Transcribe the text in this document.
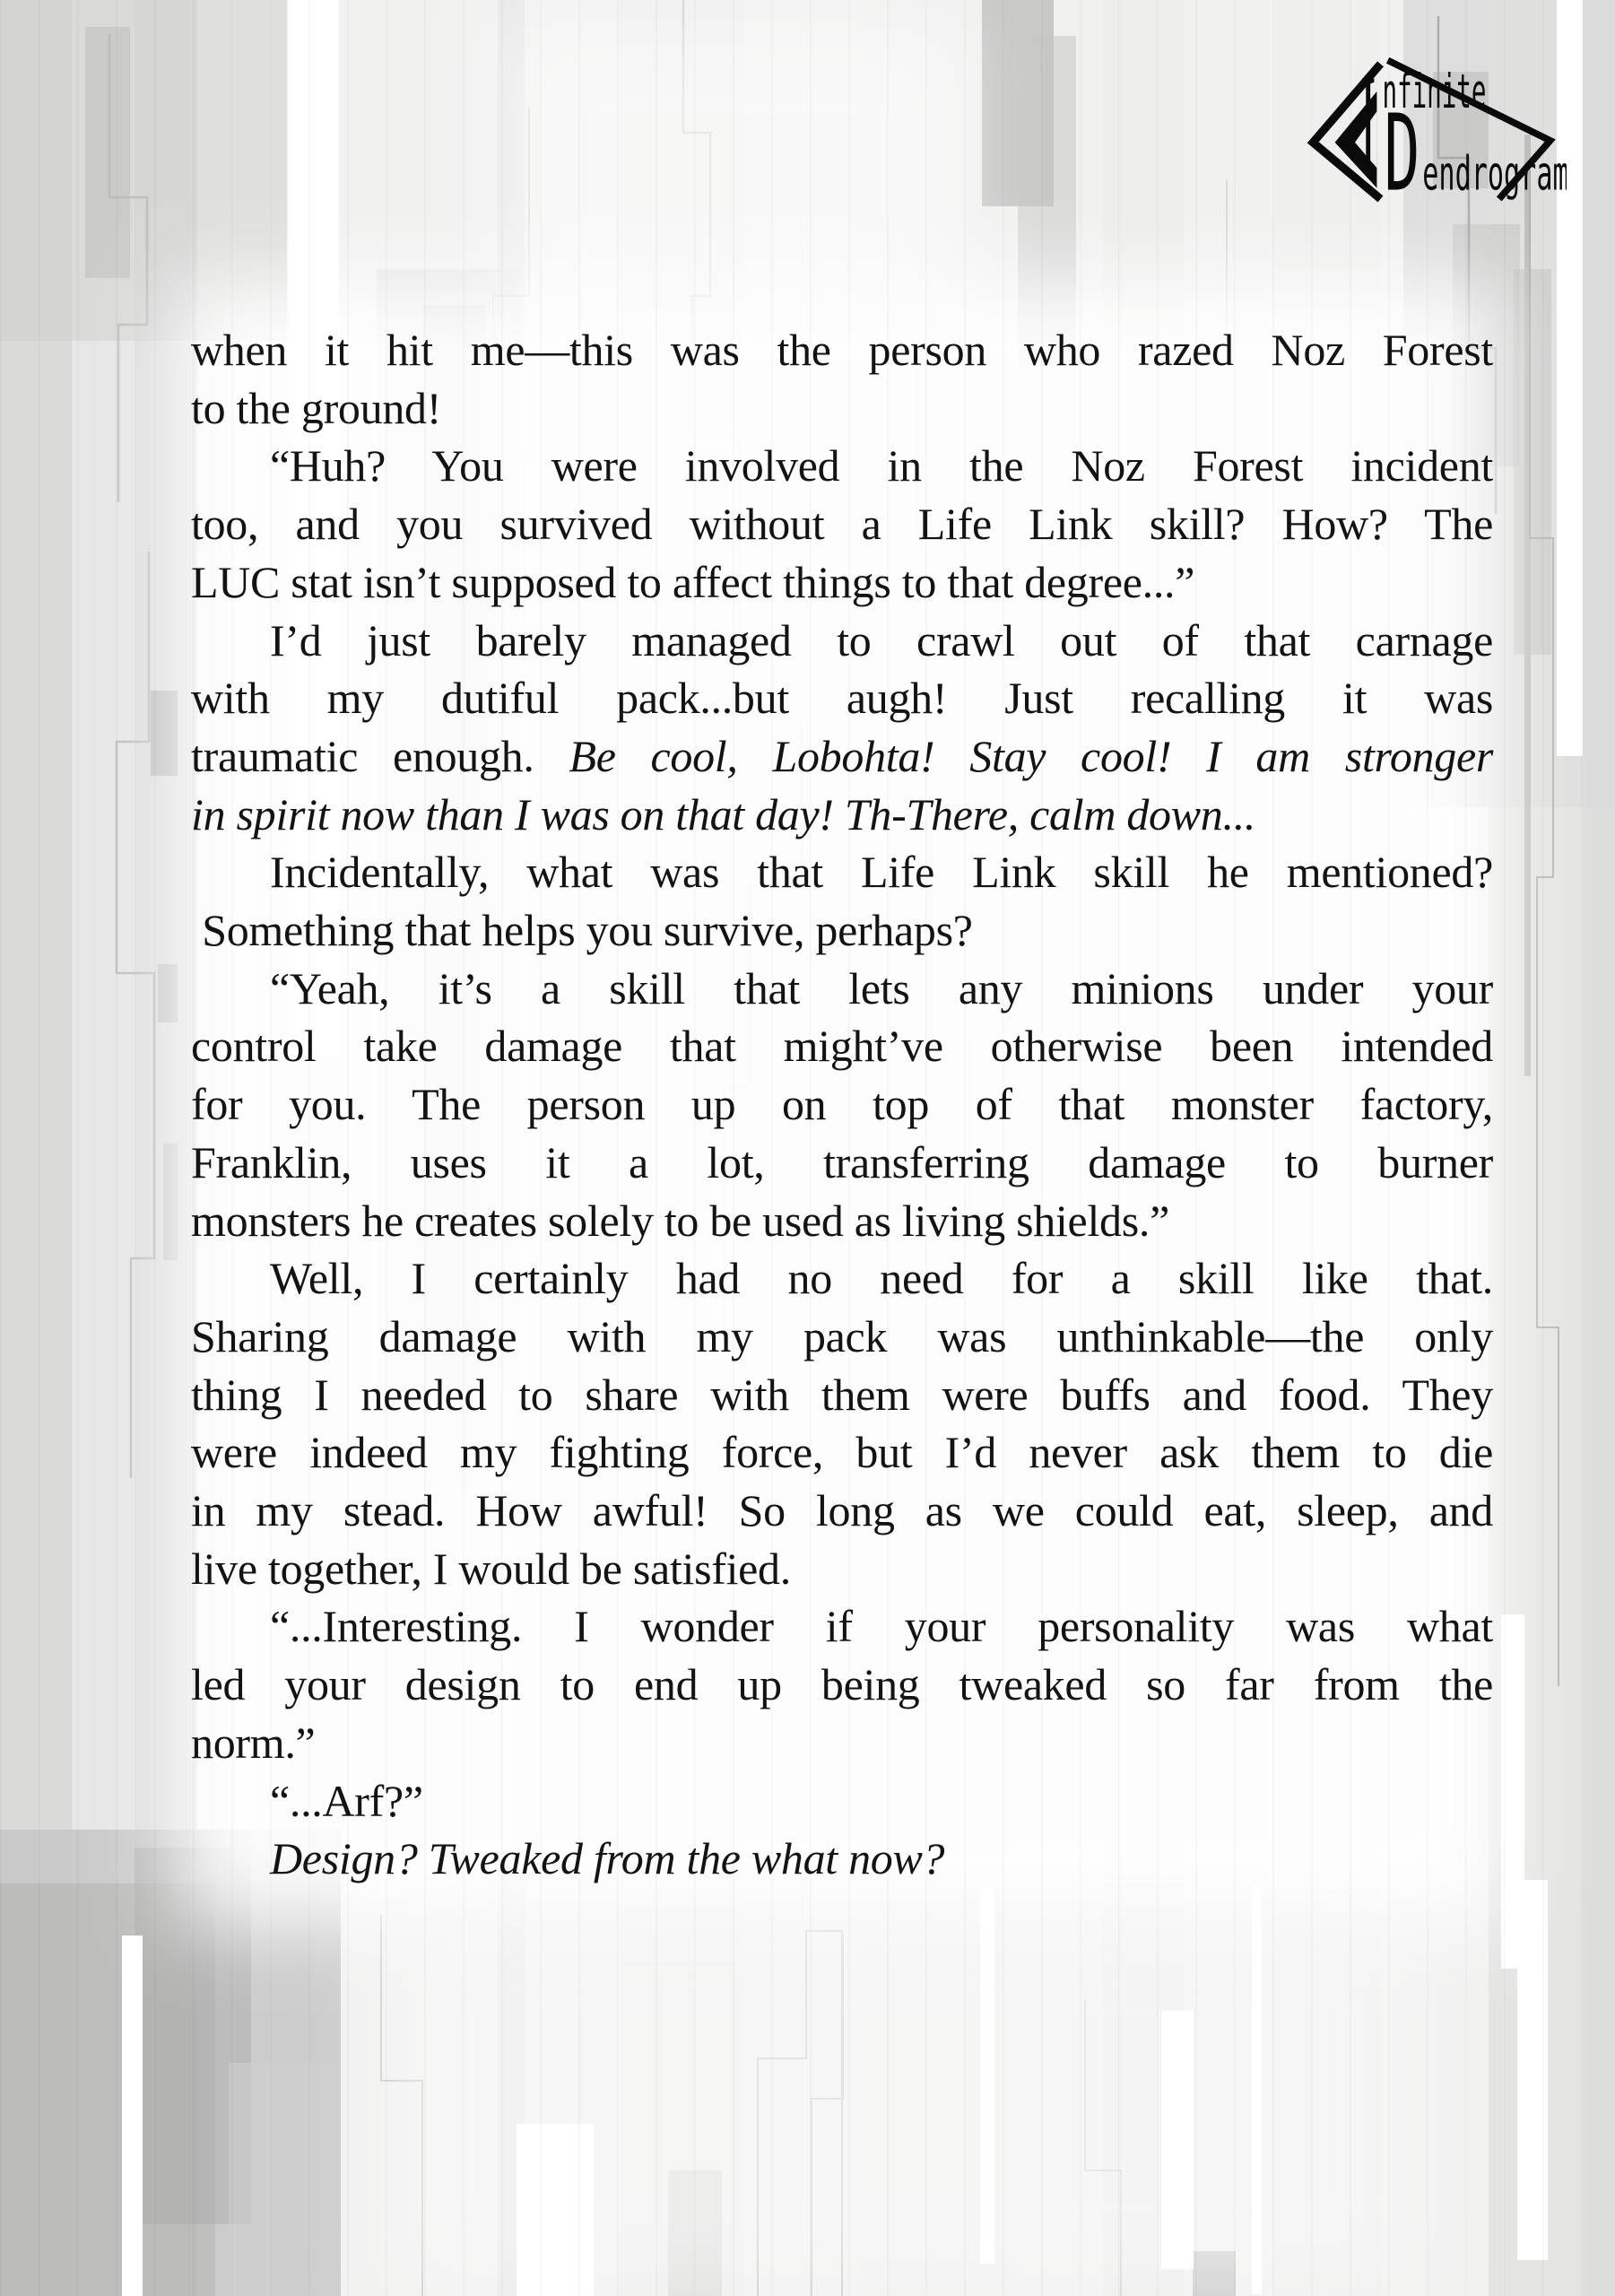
I nfinite
D endrogram
when it hit me—this was the person who razed Noz Forest
to the ground!
“Huh? You were involved in the Noz Forest incident
too, and you survived without a Life Link skill? How? The
LUC stat isn’t supposed to affect things to that degree...”
I’d just barely managed to crawl out of that carnage
with my dutiful pack...but augh! Just recalling it was
traumatic enough. Be cool, Lobohta! Stay cool! I am stronger
in spirit now than I was on that day! Th-There, calm down...
Incidentally, what was that Life Link skill he mentioned?
Something that helps you survive, perhaps?
“Yeah, it’s a skill that lets any minions under your
control take damage that might’ve otherwise been intended
for you. The person up on top of that monster factory,
Franklin, uses it a lot, transferring damage to burner
monsters he creates solely to be used as living shields.”
Well, I certainly had no need for a skill like that.
Sharing damage with my pack was unthinkable—the only
thing I needed to share with them were buffs and food. They
were indeed my fighting force, but I’d never ask them to die
in my stead. How awful! So long as we could eat, sleep, and
live together, I would be satisfied.
“...Interesting. I wonder if your personality was what
led your design to end up being tweaked so far from the
norm.”
“...Arf?”
Design? Tweaked from the what now?
